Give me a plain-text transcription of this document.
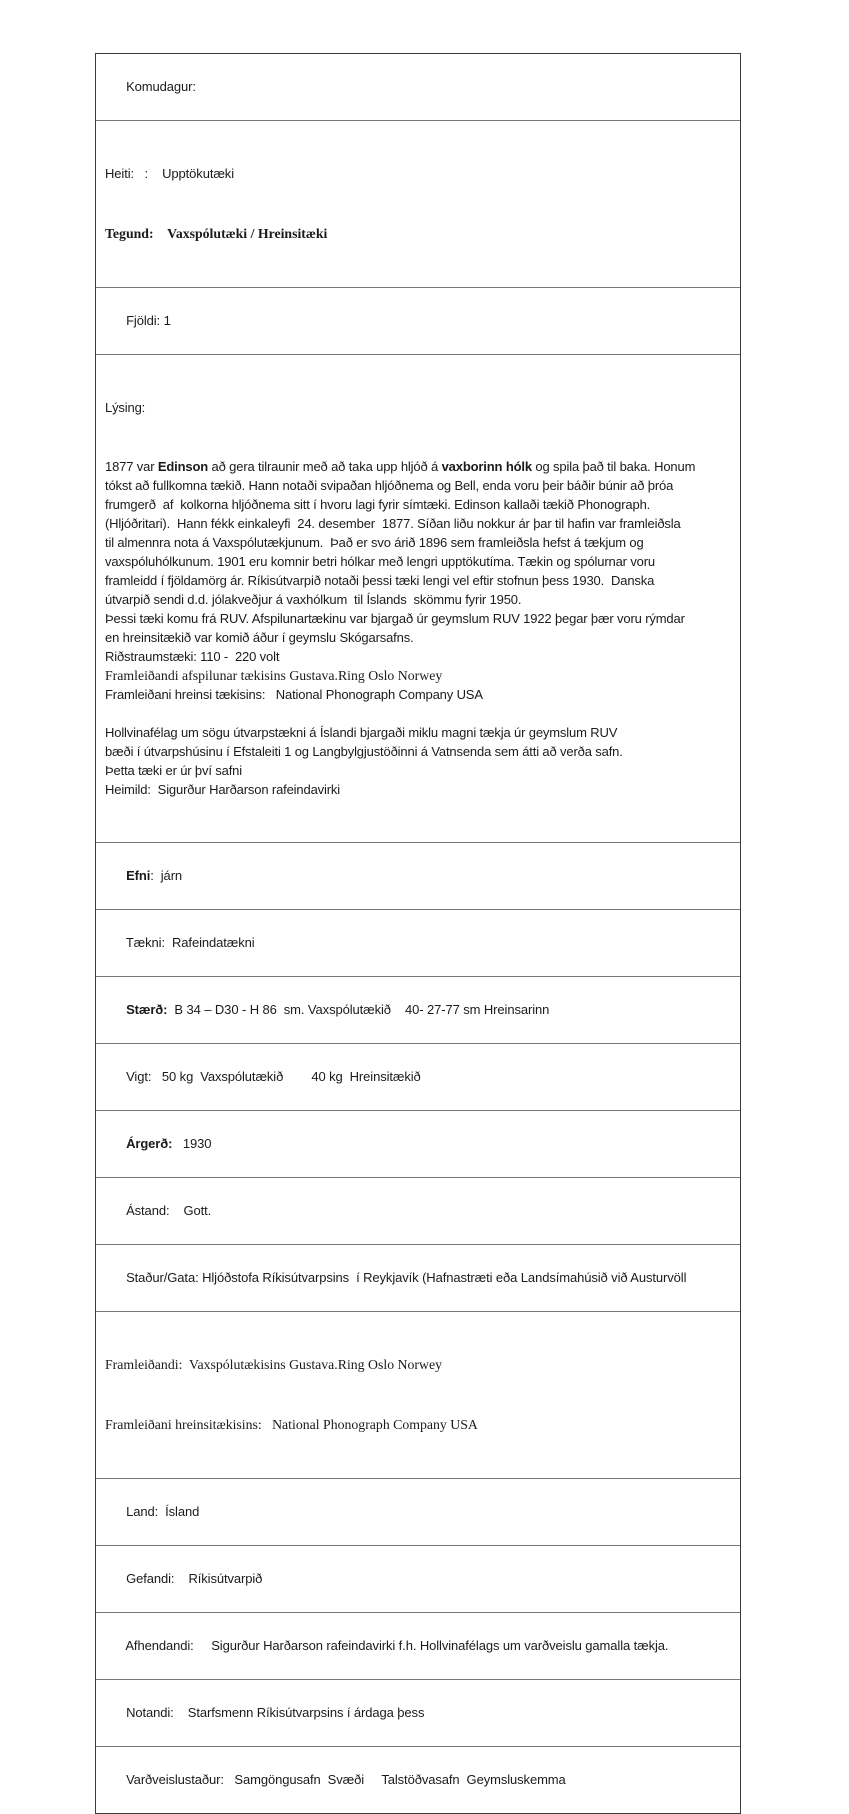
Komudagur:

Heiti:   :    Upptökutæki

Tegund:    Vaxspólutæki / Hreinsitæki

Fjöldi: 1

Lýsing:

1877 var Edinson að gera tilraunir með að taka upp hljóð á vaxborinn hólk og spila það til baka. Honum
tókst að fullkomna tækið. Hann notaði svipaðan hljóðnema og Bell, enda voru þeir báðir búnir að þróa
frumgerð  af  kolkorna hljóðnema sitt í hvoru lagi fyrir símtæki. Edinson kallaði tækið Phonograph.
(Hljóðritari).  Hann fékk einkaleyfi  24. desember  1877. Síðan liðu nokkur ár þar til hafin var framleiðsla
til almennra nota á Vaxspólutækjunum.  Það er svo árið 1896 sem framleiðsla hefst á tækjum og
vaxspóluhólkunum. 1901 eru komnir betri hólkar með lengri upptökutíma. Tækin og spólurnar voru
framleidd í fjöldamörg ár. Ríkisútvarpið notaði þessi tæki lengi vel eftir stofnun þess 1930.  Danska
útvarpið sendi d.d. jólakveðjur á vaxhólkum  til Íslands  skömmu fyrir 1950.
Þessi tæki komu frá RUV. Afspilunartækinu var bjargað úr geymslum RUV 1922 þegar þær voru rýmdar
en hreinsitækið var komið áður í geymslu Skógarsafns.
Riðstraumstæki: 110 -  220 volt
Framleiðandi afspilunar tækisins Gustava.Ring Oslo Norwey
Framleiðani hreinsi tækisins:   National Phonograph Company USA
Hollvinafélag um sögu útvarpstækni á Íslandi bjargaði miklu magni tækja úr geymslum RUV
bæði í útvarpshúsinu í Efstaleiti 1 og Langbylgjustöðinni á Vatnsenda sem átti að verða safn.
Þetta tæki er úr því safni
Heimild:  Sigurður Harðarson rafeindavirki

Efni:  járn

Tækni:  Rafeindatækni

Stærð:  B 34 – D30 - H 86  sm. Vaxspólutækið    40- 27-77 sm Hreinsarinn

Vigt:   50 kg  Vaxspólutækið        40 kg  Hreinsitækið

Árgerð:   1930

Ástand:    Gott.

Staður/Gata: Hljóðstofa Ríkisútvarpsins  í Reykjavík (Hafnastræti eða Landsímahúsið við Austurvöll

Framleiðandi:  Vaxspólutækisins Gustava.Ring Oslo Norwey

Framleiðani hreinsitækisins:   National Phonograph Company USA

Land:  Ísland

Gefandi:    Ríkisútvarpið

Afhendandi:     Sigurður Harðarson rafeindavirki f.h. Hollvinafélags um varðveislu gamalla tækja.

Notandi:    Starfsmenn Ríkisútvarpsins í árdaga þess

Varðveislustaður:   Samgöngusafn  Svæði     Talstöðvasafn  Geymsluskemma
